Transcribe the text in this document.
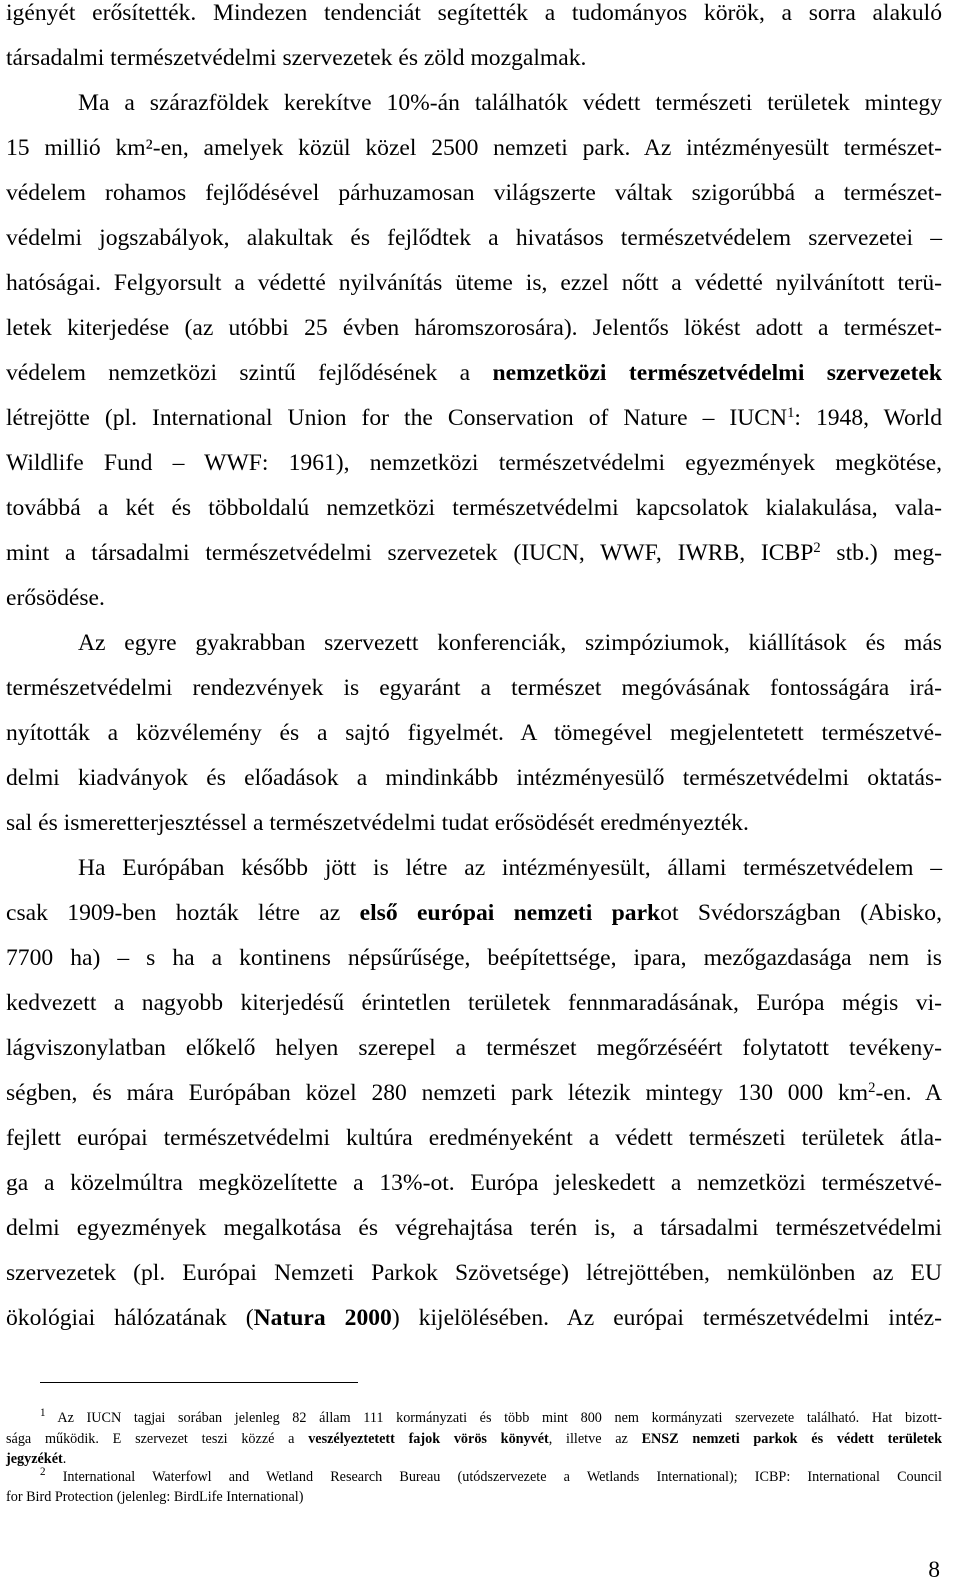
igényét erősítették. Mindezen tendenciát segítették a tudományos körök, a sorra alakuló
társadalmi természetvédelmi szervezetek és zöld mozgalmak.
Ma a szárazföldek kerekítve 10%-án találhatók védett természeti területek mintegy
15 millió km²-en, amelyek közül közel 2500 nemzeti park. Az intézményesült természet-
védelem rohamos fejlődésével párhuzamosan világszerte váltak szigorúbbá a természet-
védelmi jogszabályok, alakultak és fejlődtek a hivatásos természetvédelem szervezetei –
hatóságai. Felgyorsult a védetté nyilvánítás üteme is, ezzel nőtt a védetté nyilvánított terü-
letek kiterjedése (az utóbbi 25 évben háromszorosára). Jelentős lökést adott a természet-
védelem nemzetközi szintű fejlődésének a nemzetközi természetvédelmi szervezetek
létrejötte (pl. International Union for the Conservation of Nature – IUCN$^1$: 1948, World
Wildlife Fund – WWF: 1961), nemzetközi természetvédelmi egyezmények megkötése,
továbbá a két és többoldalú nemzetközi természetvédelmi kapcsolatok kialakulása, vala-
mint a társadalmi természetvédelmi szervezetek (IUCN, WWF, IWRB, ICBP$^2$ stb.) meg-
erősödése.
Az egyre gyakrabban szervezett konferenciák, szimpóziumok, kiállítások és más
természetvédelmi rendezvények is egyaránt a természet megóvásának fontosságára irá-
nyították a közvélemény és a sajtó figyelmét. A tömegével megjelentetett természetvé-
delmi kiadványok és előadások a mindinkább intézményesülő természetvédelmi oktatás-
sal és ismeretterjesztéssel a természetvédelmi tudat erősödését eredményezték.
Ha Európában később jött is létre az intézményesült, állami természetvédelem –
csak 1909-ben hozták létre az első európai nemzeti parkot Svédországban (Abisko,
7700 ha) – s ha a kontinens népsűrűsége, beépítettsége, ipara, mezőgazdasága nem is
kedvezett a nagyobb kiterjedésű érintetlen területek fennmaradásának, Európa mégis vi-
lágviszonylatban előkelő helyen szerepel a természet megőrzéséért folytatott tevékeny-
ségben, és mára Európában közel 280 nemzeti park létezik mintegy 130 000 $km^2-en$. A
fejlett európai természetvédelmi kultúra eredményeként a védett természeti területek átla-
ga a közelmúltra megközelítette a 13%-ot. Európa jeleskedett a nemzetközi természetvé-
delmi egyezmények megalkotása és végrehajtása terén is, a társadalmi természetvédelmi
szervezetek (pl. Európai Nemzeti Parkok Szövetsége) létrejöttében, nemkülönben az EU
ökológiai hálózatának (Natura 2000) kijelölésében. Az európai természetvédelmi intéz-
$^1$ Az IUCN tagjai sorában jelenleg 82 állam 111 kormányzati és több mint 800 nem kormányzati szervezete található. Hat bizott-
sága működik. E szervezet teszi közzé a veszélyeztetett fajok vörös könyvét, illetve az ENSZ nemzeti parkok és védett területek
jegyzékét.
$^2$ International Waterfowl and Wetland Research Bureau (utódszervezete a Wetlands International); ICBP: International Council
for Bird Protection (jelenleg: BirdLife International)
8
